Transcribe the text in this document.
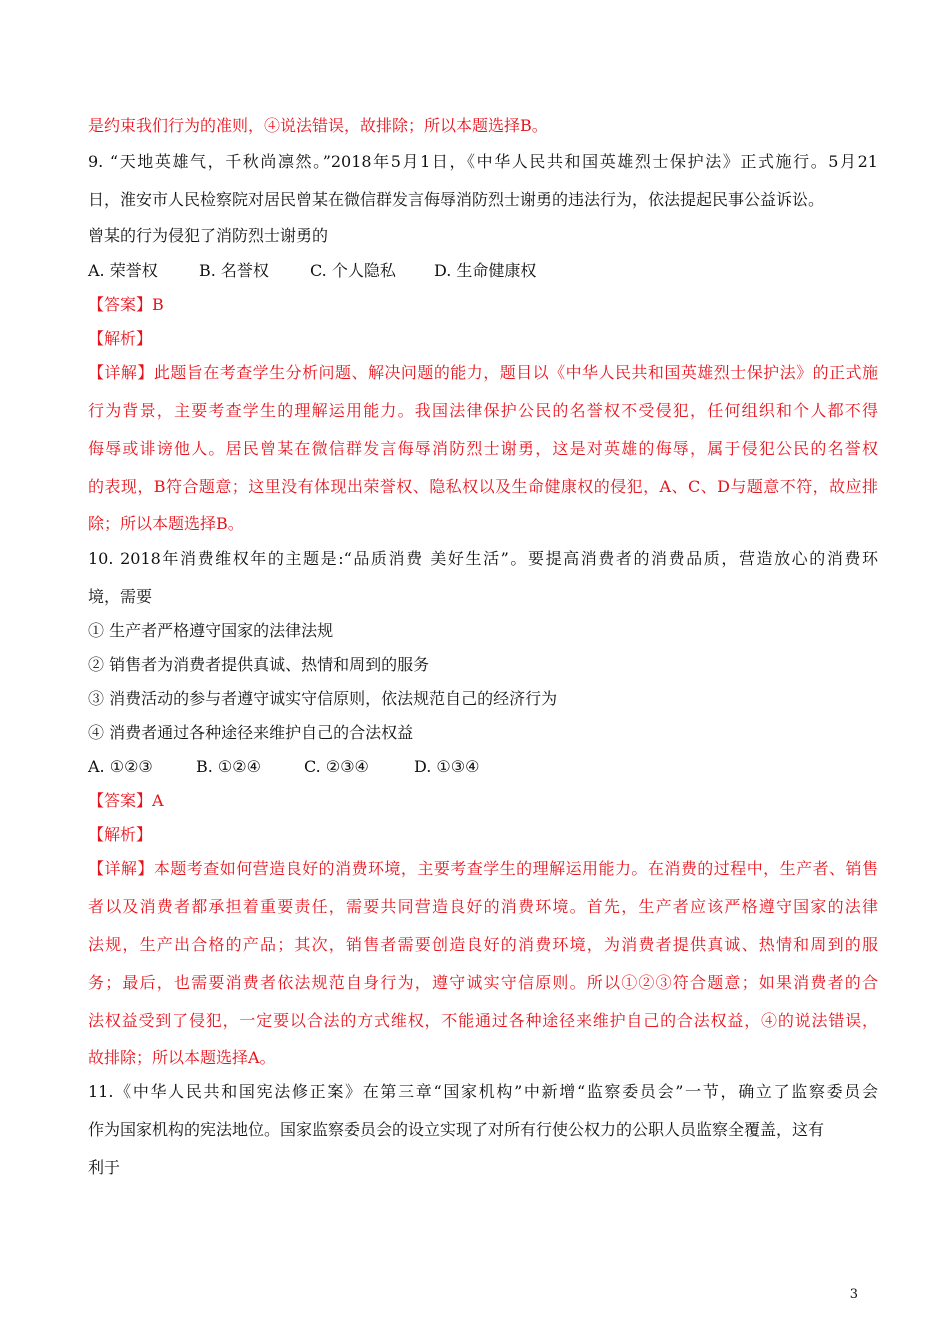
是约束我们行为的准则，④说法错误，故排除；所以本题选择B。
9. “天地英雄气，千秋尚凛然。”2018年5月1日，《中华人民共和国英雄烈士保护法》正式施行。5月21
日，淮安市人民检察院对居民曾某在微信群发言侮辱消防烈士谢勇的违法行为，依法提起民事公益诉讼。
曾某的行为侵犯了消防烈士谢勇的
A. 荣誉权	B. 名誉权	C. 个人隐私 D. 生命健康权
【答案】B
【解析】
【详解】此题旨在考查学生分析问题、解决问题的能力，题目以《中华人民共和国英雄烈士保护法》的正式施
行为背景，主要考查学生的理解运用能力。我国法律保护公民的名誉权不受侵犯，任何组织和个人都不得
侮辱或诽谤他人。居民曾某在微信群发言侮辱消防烈士谢勇，这是对英雄的侮辱，属于侵犯公民的名誉权
的表现，B符合题意；这里没有体现出荣誉权、隐私权以及生命健康权的侵犯，A、C、D与题意不符，故应排
除；所以本题选择B。
10. 2018年消费维权年的主题是:“品质消费 美好生活”。要提高消费者的消费品质，营造放心的消费环
境，需要
① 生产者严格遵守国家的法律法规
② 销售者为消费者提供真诚、热情和周到的服务
③ 消费活动的参与者遵守诚实守信原则，依法规范自己的经济行为
④ 消费者通过各种途径来维护自己的合法权益
A. ①②③	B. ①②④	C. ②③④	D. ①③④
【答案】A
【解析】
【详解】本题考查如何营造良好的消费环境，主要考查学生的理解运用能力。在消费的过程中，生产者、销售
者以及消费者都承担着重要责任，需要共同营造良好的消费环境。首先，生产者应该严格遵守国家的法律
法规，生产出合格的产品；其次，销售者需要创造良好的消费环境，为消费者提供真诚、热情和周到的服
务；最后，也需要消费者依法规范自身行为，遵守诚实守信原则。所以①②③符合题意；如果消费者的合
法权益受到了侵犯，一定要以合法的方式维权，不能通过各种途径来维护自己的合法权益，④的说法错误，
故排除；所以本题选择A。
11.《中华人民共和国宪法修正案》在第三章“国家机构”中新增“监察委员会”一节，确立了监察委员会
作为国家机构的宪法地位。国家监察委员会的设立实现了对所有行使公权力的公职人员监察全覆盖，这有
利于
3
